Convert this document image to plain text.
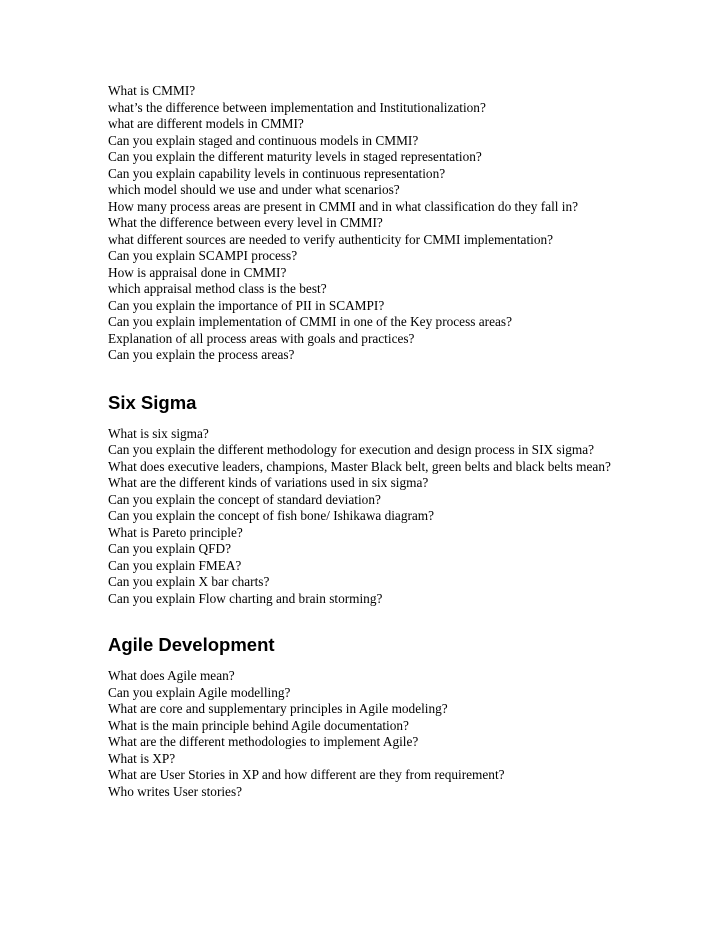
What is CMMI?
what’s the difference between implementation and Institutionalization?
what are different models in CMMI?
Can you explain staged and continuous models in CMMI?
Can you explain the different maturity levels in staged representation?
Can you explain capability levels in continuous representation?
which model should we use and under what scenarios?
How many process areas are present in CMMI and in what classification do they fall in?
What the difference between every level in CMMI?
what different sources are needed to verify authenticity for CMMI implementation?
Can you explain SCAMPI process?
How is appraisal done in CMMI?
which appraisal method class is the best?
Can you explain the importance of PII in SCAMPI?
Can you explain implementation of CMMI in one of the Key process areas?
Explanation of all process areas with goals and practices?
Can you explain the process areas?
Six Sigma
What is six sigma?
Can you explain the different methodology for execution and design process in SIX sigma?
What does executive leaders, champions, Master Black belt, green belts and black belts mean?
What are the different kinds of variations used in six sigma?
Can you explain the concept of standard deviation?
Can you explain the concept of fish bone/ Ishikawa diagram?
What is Pareto principle?
Can you explain QFD?
Can you explain FMEA?
Can you explain X bar charts?
Can you explain Flow charting and brain storming?
Agile Development
What does Agile mean?
Can you explain Agile modelling?
What are core and supplementary principles in Agile modeling?
What is the main principle behind Agile documentation?
What are the different methodologies to implement Agile?
What is XP?
What are User Stories in XP and how different are they from requirement?
Who writes User stories?
